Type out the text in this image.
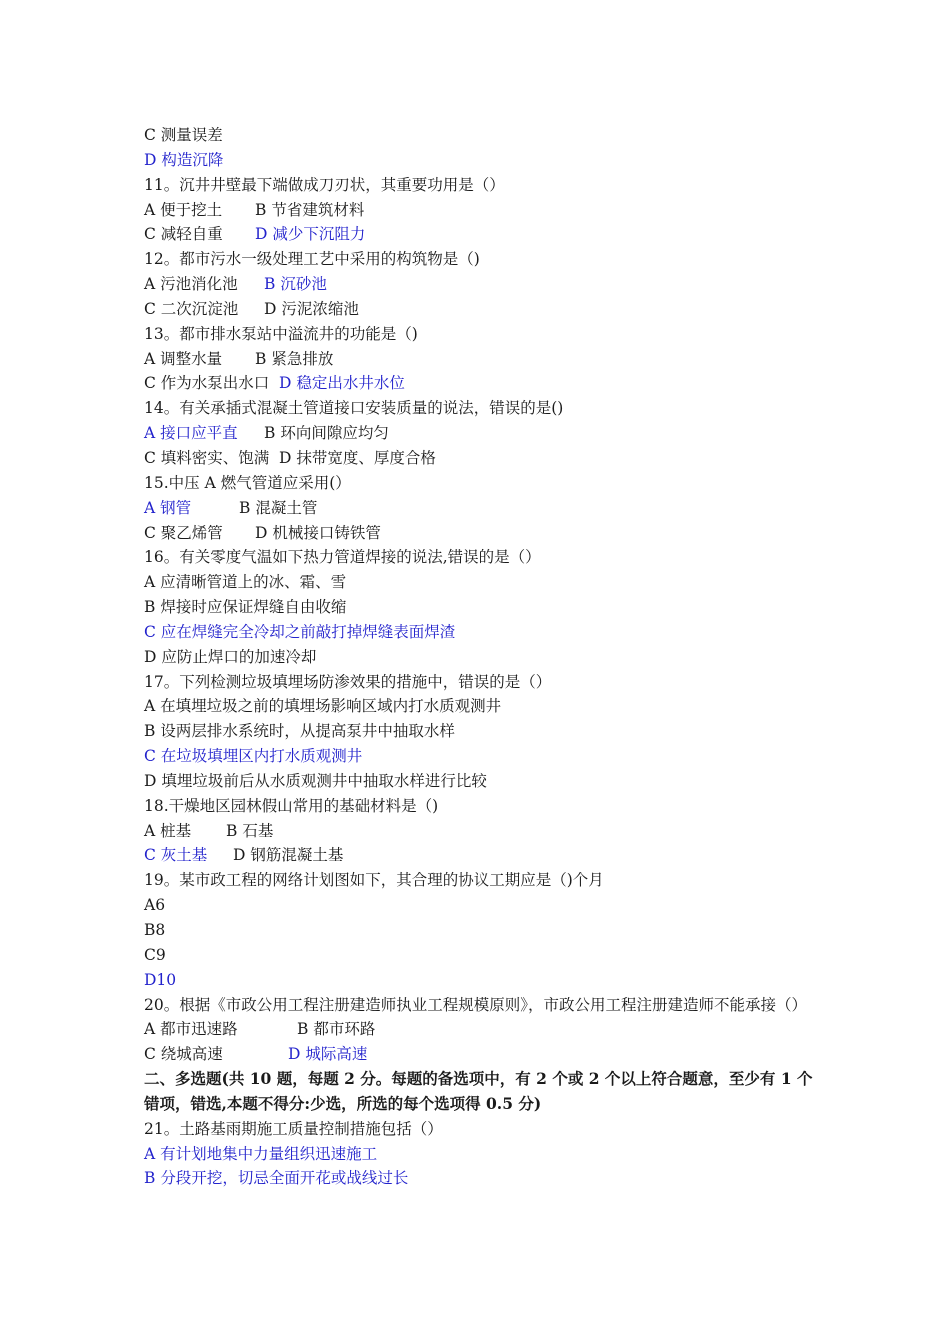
C 测量误差
D 构造沉降
11。沉井井壁最下端做成刀刃状，其重要功用是（）
A 便于挖土 B 节省建筑材料
C 减轻自重 D 减少下沉阻力
12。都市污水一级处理工艺中采用的构筑物是（)
A 污池消化池 B 沉砂池
C 二次沉淀池 D 污泥浓缩池
13。都市排水泵站中溢流井的功能是（)
A 调整水量 B 紧急排放
C 作为水泵出水口D 稳定出水井水位
14。有关承插式混凝土管道接口安装质量的说法，错误的是()
A 接口应平直 B 环向间隙应均匀
C 填料密实、饱满D 抹带宽度、厚度合格
15.中压 A 燃气管道应采用(）
A 钢管	B 混凝土管
C 聚乙烯管 D 机械接口铸铁管
16。有关零度气温如下热力管道焊接的说法,错误的是（）
A 应清晰管道上的冰、霜、雪
B 焊接时应保证焊缝自由收缩
C 应在焊缝完全冷却之前敲打掉焊缝表面焊渣
D 应防止焊口的加速冷却
17。下列检测垃圾填埋场防渗效果的措施中，错误的是（）
A 在填埋垃圾之前的填埋场影响区域内打水质观测井
B 设两层排水系统时，从提高泵井中抽取水样
C 在垃圾填埋区内打水质观测井
D 填埋垃圾前后从水质观测井中抽取水样进行比较
18.干燥地区园林假山常用的基础材料是（)
A 桩基 B 石基
C 灰土基 D 钢筋混凝土基
19。某市政工程的网络计划图如下，其合理的协议工期应是（)个月
A6
B8
C9
D10
20。根据《市政公用工程注册建造师执业工程规模原则》，市政公用工程注册建造师不能承接（）
A 都市迅速路	B 都市环路
C 绕城高速	D 城际高速
二、多选题(共 10 题，每题 2 分。每题的备选项中，有 2 个或 2 个以上符合题意，至少有 1 个错项，错选,本题不得分:少选，所选的每个选项得 0.5 分)
21。土路基雨期施工质量控制措施包括（）
A 有计划地集中力量组织迅速施工
B 分段开挖，切忌全面开花或战线过长
